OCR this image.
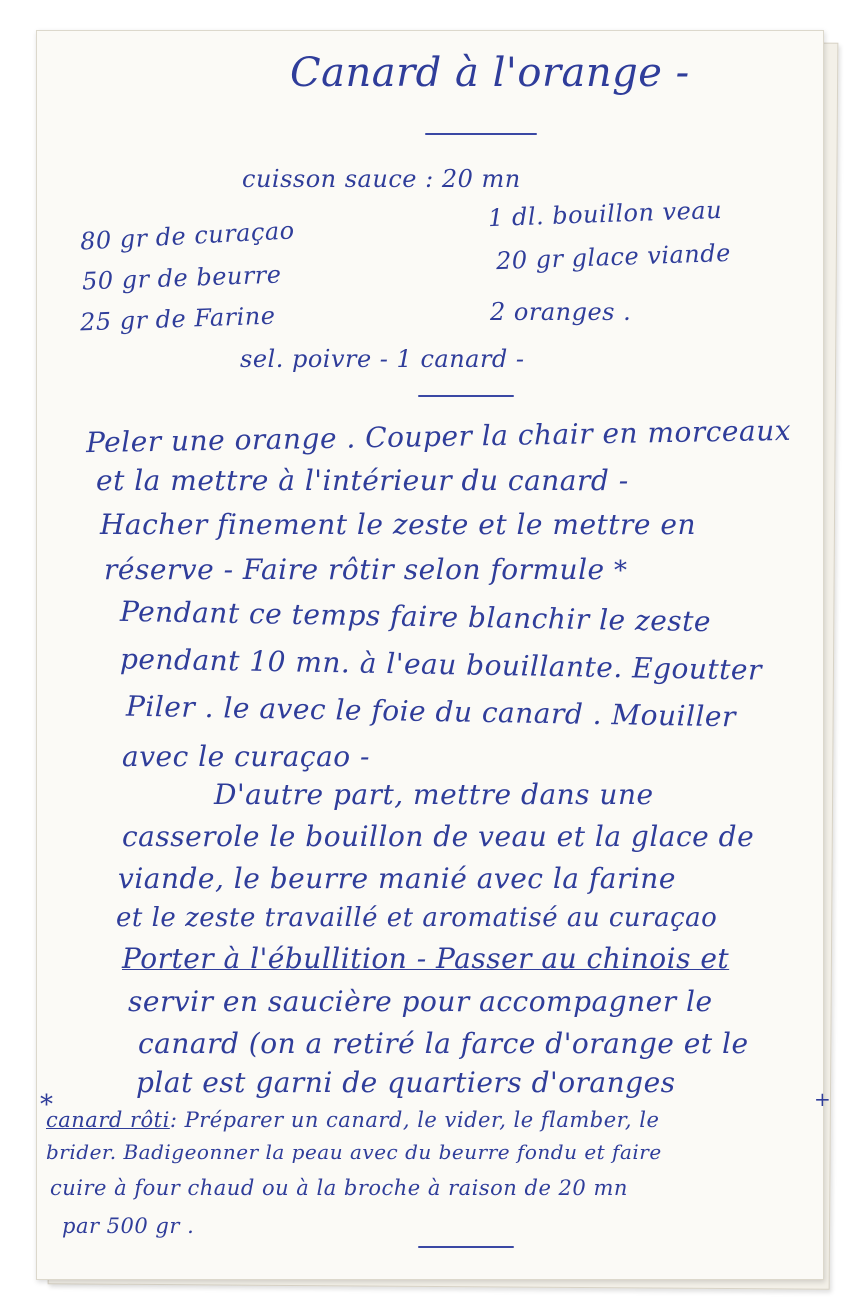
Canard à l'orange -
cuisson sauce : 20 mn
1 dl. bouillon veau
80 gr de curaçao
20 gr glace viande
50 gr de beurre
2 oranges .
25 gr de Farine
sel. poivre - 1 canard -
Peler une orange . Couper la chair en morceaux
et la mettre à l'intérieur du canard -
Hacher finement le zeste et le mettre en
réserve - Faire rôtir selon formule *
Pendant ce temps faire blanchir le zeste
pendant 10 mn. à l'eau bouillante. Egoutter
Piler . le avec le foie du canard . Mouiller
avec le curaçao -
D'autre part, mettre dans une
casserole le bouillon de veau et la glace de
viande, le beurre manié avec la farine
et le zeste travaillé et aromatisé au curaçao
Porter à l'ébullition - Passer au chinois et
servir en saucière pour accompagner le
canard (on a retiré la farce d'orange et le
plat est garni de quartiers d'oranges
*	+
canard rôti: Préparer un canard, le vider, le flamber, le
brider. Badigeonner la peau avec du beurre fondu et faire
cuire à four chaud ou à la broche à raison de 20 mn
par 500 gr .
